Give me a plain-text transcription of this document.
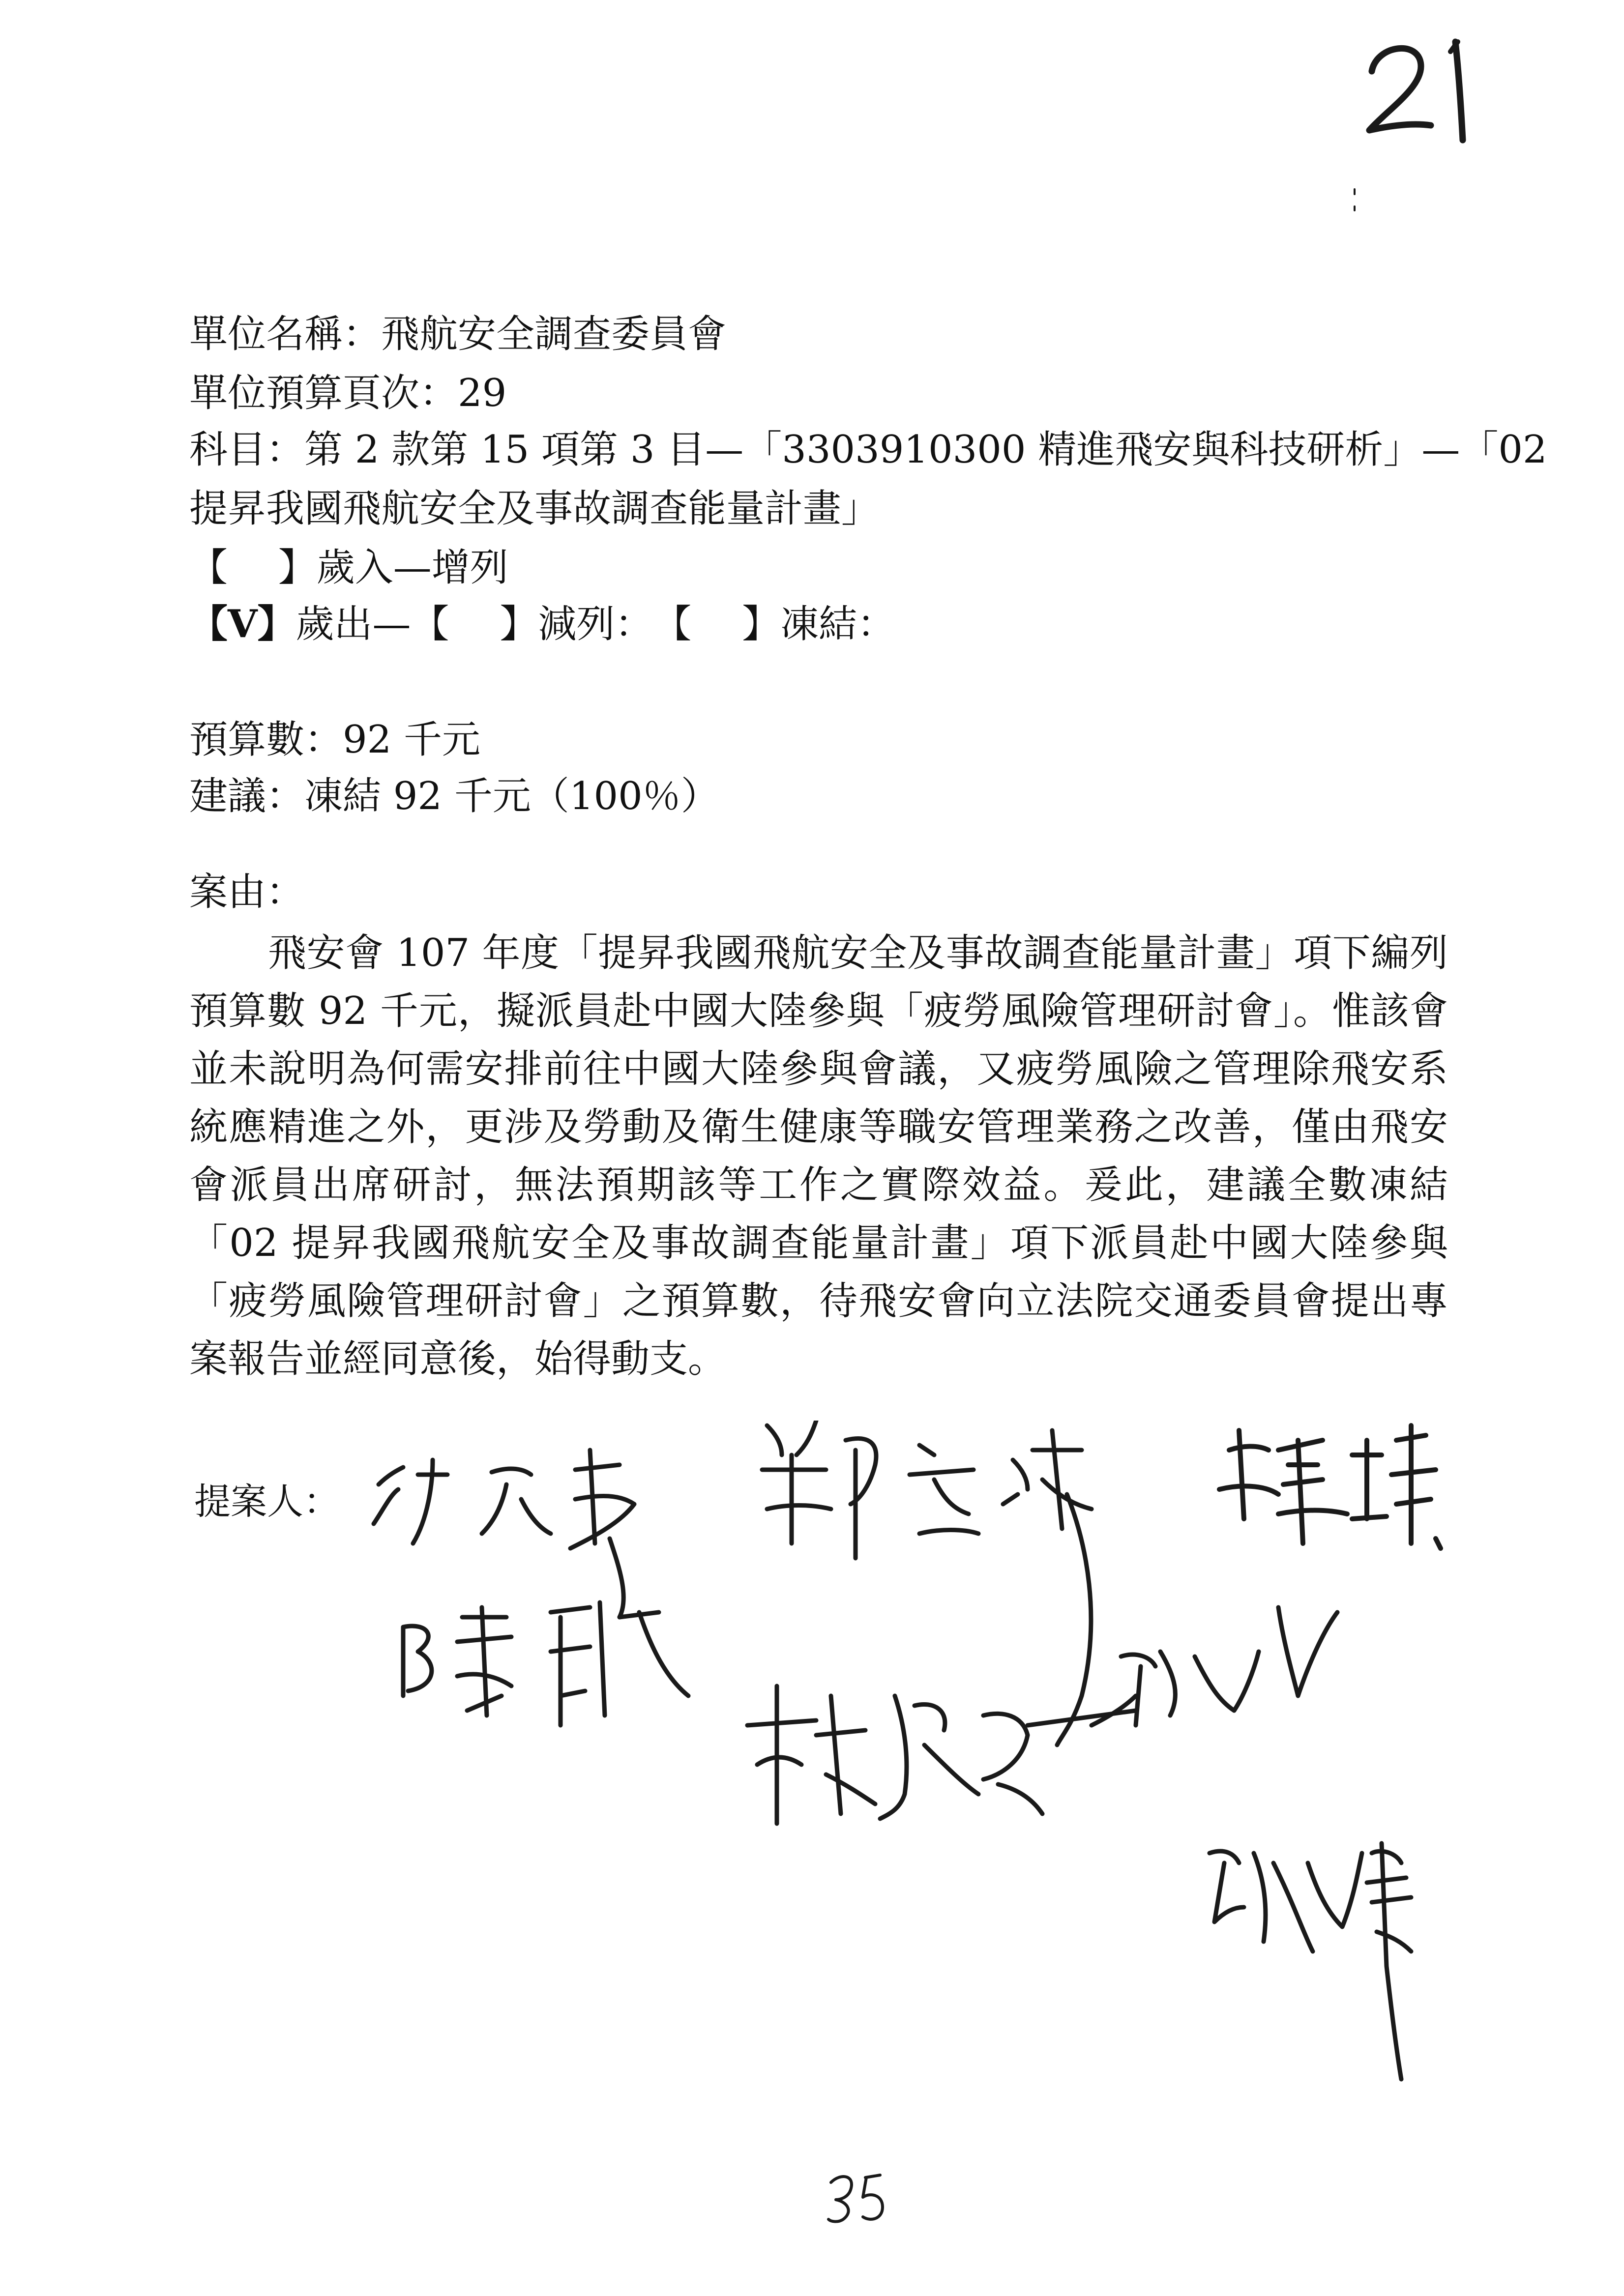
單位名稱：飛航安全調查委員會
單位預算頁次：29
科目：第 2 款第 15 項第 3 目—「3303910300 精進飛安與科技研析」—「02
提昇我國飛航安全及事故調查能量計畫」
【　 】歲入—增列
【V】歲出—【　 】減列：　【　 】凍結：
預算數：92 千元
建議：凍結 92 千元（100％）
案由：

飛安會 107 年度「提昇我國飛航安全及事故調查能量計畫」項下編列預算數 92 千元，擬派員赴中國大陸參與「疲勞風險管理研討會」。惟該會並未說明為何需安排前往中國大陸參與會議，又疲勞風險之管理除飛安系統應精進之外，更涉及勞動及衛生健康等職安管理業務之改善，僅由飛安會派員出席研討，無法預期該等工作之實際效益。爰此，建議全數凍結「02 提昇我國飛航安全及事故調查能量計畫」項下派員赴中國大陸參與「疲勞風險管理研討會」之預算數，待飛安會向立法院交通委員會提出專案報告並經同意後，始得動支。

提案人：
